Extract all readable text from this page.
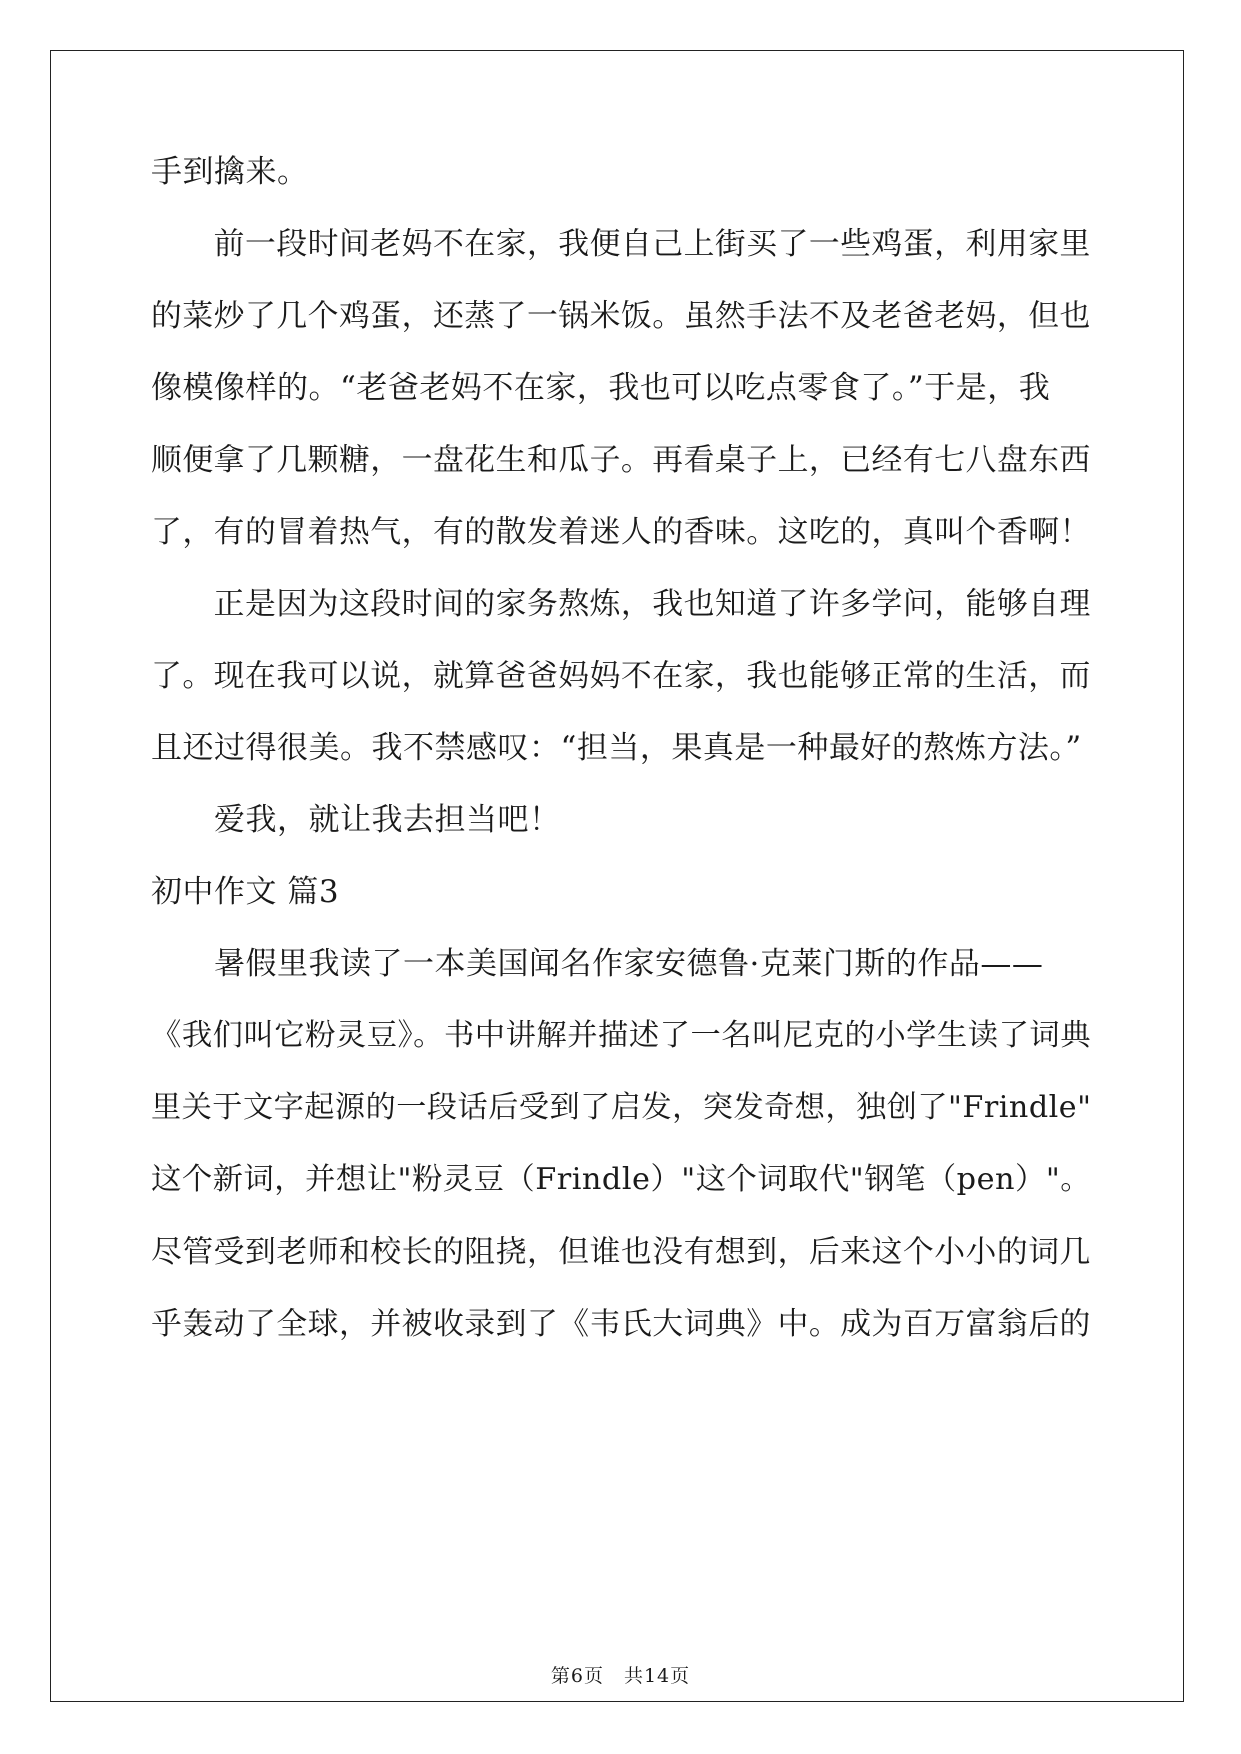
手到擒来。
　　前一段时间老妈不在家，我便自己上街买了一些鸡蛋，利用家里
的菜炒了几个鸡蛋，还蒸了一锅米饭。虽然手法不及老爸老妈，但也
像模像样的。“老爸老妈不在家，我也可以吃点零食了。”于是，我
顺便拿了几颗糖，一盘花生和瓜子。再看桌子上，已经有七八盘东西
了，有的冒着热气，有的散发着迷人的香味。这吃的，真叫个香啊！
　　正是因为这段时间的家务熬炼，我也知道了许多学问，能够自理
了。现在我可以说，就算爸爸妈妈不在家，我也能够正常的生活，而
且还过得很美。我不禁感叹：“担当，果真是一种最好的熬炼方法。”
　　爱我，就让我去担当吧！
初中作文 篇3
　　暑假里我读了一本美国闻名作家安德鲁·克莱门斯的作品——
《我们叫它粉灵豆》。书中讲解并描述了一名叫尼克的小学生读了词典
里关于文字起源的一段话后受到了启发，突发奇想，独创了"Frindle"
这个新词，并想让"粉灵豆（Frindle）"这个词取代"钢笔（pen）"。
尽管受到老师和校长的阻挠，但谁也没有想到，后来这个小小的词几
乎轰动了全球，并被收录到了《韦氏大词典》中。成为百万富翁后的
第6页　共14页
